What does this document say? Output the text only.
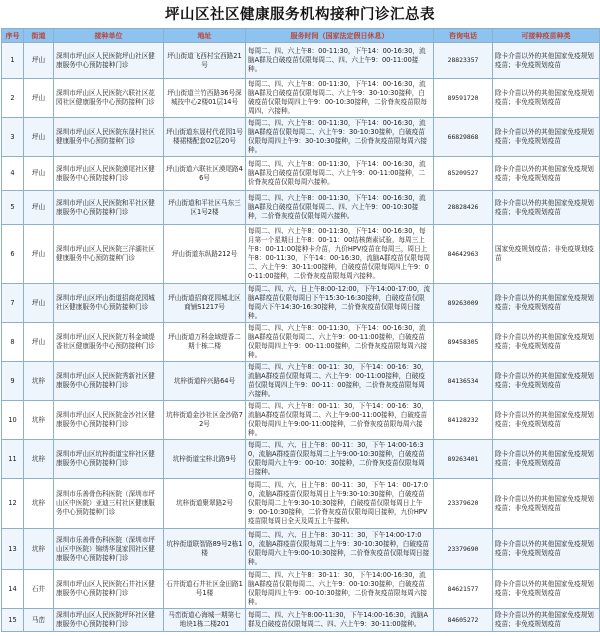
坪山区社区健康服务机构接种门诊汇总表
序号	街道	接种单位	地址	服务时间（国家法定假日休息）	咨询电话	可接种疫苗种类

1	坪山	深圳市坪山区人民医院坪山社区健康服务中心预防接种门诊	坪山街道飞西村宝西路21号	每周二、四、六上午8：00-11:30，下午14：00-16:30，流脑A群及白破疫苗仅限每周二、四、六上午9：00-11:00接种。	28823357	除卡介苗以外的其他国家免疫规划疫苗；非免疫规划疫苗

2	坪山	深圳市坪山区人民医院六联社区花园社区健康服务中心预防接种门诊	坪山街道兰竹西路36号深城技中心2楼01层14号	每周二、四、六上午8：00-11:30，下午14：00-16:30，流脑A群及白破疫苗仅限每周二、六上午9：30-10:30接种，白破疫苗仅限每周四上午9：00-10:30接种，二价脊灰疫苗限每周四、六接种。	89591720	除卡介苗以外的其他国家免疫规划疫苗；非免疫规划疫苗

3	坪山	深圳市坪山区人民医院东晟村社区健康服务中心预防接种门诊	坪山街道东晟村代花园1号楼裙楼配套02层20号	每周二、四、六上午8：00-11:30，下午14：00-16:30，流脑A群疫苗仅限每周二、六上午9：30-10:30接种，白破疫苗仅限每周四上午9：30-10:30接种，二价脊灰疫苗限每周六接种。	66829868	除卡介苗以外的其他国家免疫规划疫苗；非免疫规划疫苗

4	坪山	深圳市坪山区人民医院漠尾社区健康服务中心预防接种门诊	坪山街道六联社区漠尾路46号	每周二、四、六上午8：00-11:30，下午14：00-16:30，流脑A群及白破疫苗仅限每周二、六上午9：00-11:00接种，二价脊灰疫苗仅限每周六接种。	85209527	除卡介苗以外的其他国家免疫规划疫苗；非免疫规划疫苗

5	坪山	深圳市坪山区人民医院和平社区健康服务中心预防接种门诊	坪山街道和平社区马东三区1号2楼	每周二、四、六上午8：00-11:30，下午14：00-16:30，流脑A群及白破疫苗仅限每周二、四、六上午9：00-10:30接种，二价脊灰疫苗仅限每周六接种。	28828426	除卡介苗以外的其他国家免疫规划疫苗；非免疫规划疫苗

6	坪山	深圳市坪山区人民医院三洋湖社区健康服务中心预防接种门诊	坪山街道东纵路212号	每周二、四、六上午8：00-11:30，下午14：00-16:30，每月第一个星期日上午8：00-11：00结核菌素试验，每周三上午8：00-11:00接种卡介苗，九价HPV疫苗在每周三，周日上午8：00-11:30，下午14：00-16:30，流脑A群疫苗仅限每周二、六上午9：30-11:00接种，白破疫苗仅限每周四上午9：00-11:00接种，二价脊灰疫苗限每周六接种。	84642963	国家免疫规划疫苗；非免疫规划疫苗

7	坪山	深圳市坪山区坪山街道招商花园城社区健康服务中心预防接种门诊	坪山街道招商花园城北区商铺S1217号	每周二、四、六、日上午8:00-12:00，下午14:00-17:00，流脑A群疫苗仅限每周日下午15:30-16:30接种，白破疫苗仅限每周六下午14:30-16:30接种，二价脊灰疫苗仅限每周日接种。	89263009	除卡介苗以外的其他国家免疫规划疫苗；非免疫规划疫苗

8	坪山	深圳市坪山区人民医院万科金域缇香社区健康服务中心预防接种门诊	坪山街道万科金域缇香二期十栋二楼	每周二、四、六上午8：00-11:30，下午14：00-16:30，流脑A群疫苗仅限每周二、六上午9：00-11:00接种，白破疫苗仅限每周四上午9：00-11:00接种，二价脊灰疫苗限每周六接种。	89458305	除卡介苗以外的其他国家免疫规划疫苗；非免疫规划疫苗

9	坑梓	深圳市坪山区人民医院秀新社区健康服务中心预防接种门诊	坑梓街道梓兴路64号	每周二、四、六上午8：00-11：30，下午14：00-16：30，流脑A群疫苗仅限每周二、六上午9：00-11:00接种，白破疫苗仅限每周四上午9：00-11：00接种，二价脊灰疫苗限每周六接种。	84136534	除卡介苗以外的其他国家免疫规划疫苗；非免疫规划疫苗

10	坑梓	深圳市坪山区人民医院金沙社区健康服务中心预防接种门诊	坑梓街道金沙社区金沙路72号	每周二、四、六上午8：00-11：30，下午14：00-16：30，流脑A群疫苗仅限每周二、六上午9:00-11:00接种，白破疫苗仅限每周四上午9:00-11:00接种，二价脊灰疫苗限每周六接种。	84128232	除卡介苗以外的其他国家免疫规划疫苗；非免疫规划疫苗

11	坑梓	深圳市坪山区坑梓街道宝梓社区健康服务中心预防接种门诊	坑梓街道宝梓北路9号	每周二、四、六、日上午8：00-11：30，下午 14:00-16:30，流脑A群疫苗仅限每周二上午9:00-10:30接种，白破疫苗仅限每周六上午9：00-10：30接种，二价脊灰疫苗仅限每周日接种。	89263401	除卡介苗以外的其他国家免疫规划疫苗；非免疫规划疫苗

12	坑梓	深圳市乐善骨伤科医院（深圳市坪山区中医院）亚迪三村社区健康服务中心预防接种门诊	坑梓街道聚翠路2号	每周二、四、六、日上午8：00-11：30，下午 14：00-17:00，流脑A群疫苗仅限每周日上午9:30-10:30接种，白破疫苗仅限每周二上午9:30-10:30接种，白破疫苗仅限每周日上午9：00-10:30接种，二价脊灰疫苗仅限每周日接种，九价HPV疫苗限每周日全天及周五上午接种。	23379620	除卡介苗以外的其他国家免疫规划疫苗；非免疫规划疫苗

13	坑梓	深圳市乐善骨伤科医院（深圳市坪山区中医院）锦绣华晟家园社区健康服务中心预防接种门诊	坑梓街道联智路89号2栋1楼	每周二、四、六、日上午8：30-11：30，下午14:00-17:00，流脑A群疫苗仅限每周二上午9：30-10:30接种，白破疫苗仅限每周六上午9:00-10:30接种，二价脊灰疫苗仅限每周日接种。	23379690	除卡介苗以外的其他国家免疫规划疫苗；非免疫规划疫苗

14	石井	深圳市坪山区人民医院石井社区健康服务中心预防接种门诊	石井街道石井社区金田路1号1楼	每周二、四、六上午8：30-11：30，下午14:00-16:30，流脑A群疫苗仅限每周二、六上午9：00-10:30接种，白破疫苗仅限每周四上午9：00-10:30接种，二价脊灰疫苗限每周六接种。	84621577	除卡介苗以外的其他国家免疫规划疫苗；非免疫规划疫苗

15	马峦	深圳市坪山区人民医院坪环社区健康服务中心预防接种门诊	马峦街道心海城一期第七地块1栋二楼201	每周二、四、六上午8:00-11:30，下午14:00-16:30，流脑A群及白破疫苗仅限每周二、四、六上午9：30-11:00接种。	84605272	除卡介苗以外的其他国家免疫规划疫苗；非免疫规划疫苗
